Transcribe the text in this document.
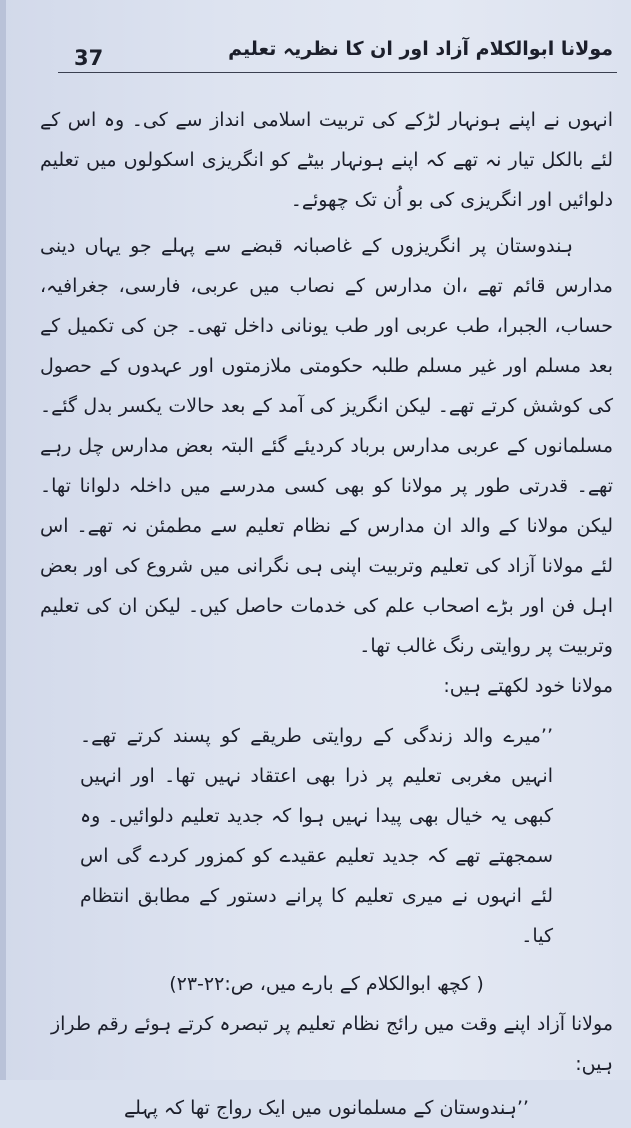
37	مولانا ابوالکلام آزاد اور ان کا نظریہ تعلیم

انہوں نے اپنے ہونہار لڑکے کی تربیت اسلامی انداز سے کی۔ وہ اس کے لئے بالکل تیار نہ تھے کہ اپنے ہونہار بیٹے کو انگریزی اسکولوں میں تعلیم دلوائیں اور انگریزی کی بو اُن تک چھوئے۔

ہندوستان پر انگریزوں کے غاصبانہ قبضے سے پہلے جو یہاں دینی مدارس قائم تھے ،ان مدارس کے نصاب میں عربی، فارسی، جغرافیہ، حساب، الجبرا، طب عربی اور طب یونانی داخل تھی۔ جن کی تکمیل کے بعد مسلم اور غیر مسلم طلبہ حکومتی ملازمتوں اور عہدوں کے حصول کی کوشش کرتے تھے۔ لیکن انگریز کی آمد کے بعد حالات یکسر بدل گئے۔ مسلمانوں کے عربی مدارس برباد کردیئے گئے البتہ بعض مدارس چل رہے تھے۔ قدرتی طور پر مولانا کو بھی کسی مدرسے میں داخلہ دلوانا تھا۔ لیکن مولانا کے والد ان مدارس کے نظام تعلیم سے مطمئن نہ تھے۔ اس لئے مولانا آزاد کی تعلیم وتربیت اپنی ہی نگرانی میں شروع کی اور بعض اہل فن اور بڑے اصحاب علم کی خدمات حاصل کیں۔ لیکن ان کی تعلیم وتربیت پر روایتی رنگ غالب تھا۔

مولانا خود لکھتے ہیں:

’’میرے والد زندگی کے روایتی طریقے کو پسند کرتے تھے۔ انہیں مغربی تعلیم پر ذرا بھی اعتقاد نہیں تھا۔ اور انہیں کبھی یہ خیال بھی پیدا نہیں ہوا کہ جدید تعلیم دلوائیں۔ وہ سمجھتے تھے کہ جدید تعلیم عقیدے کو کمزور کردے گی اس لئے انہوں نے میری تعلیم کا پرانے دستور کے مطابق انتظام کیا۔

( کچھ ابوالکلام کے بارے میں، ص:۲۲-۲۳)

مولانا آزاد اپنے وقت میں رائج نظام تعلیم پر تبصرہ کرتے ہوئے رقم طراز ہیں:

’’ہندوستان کے مسلمانوں میں ایک رواج تھا کہ پہلے
